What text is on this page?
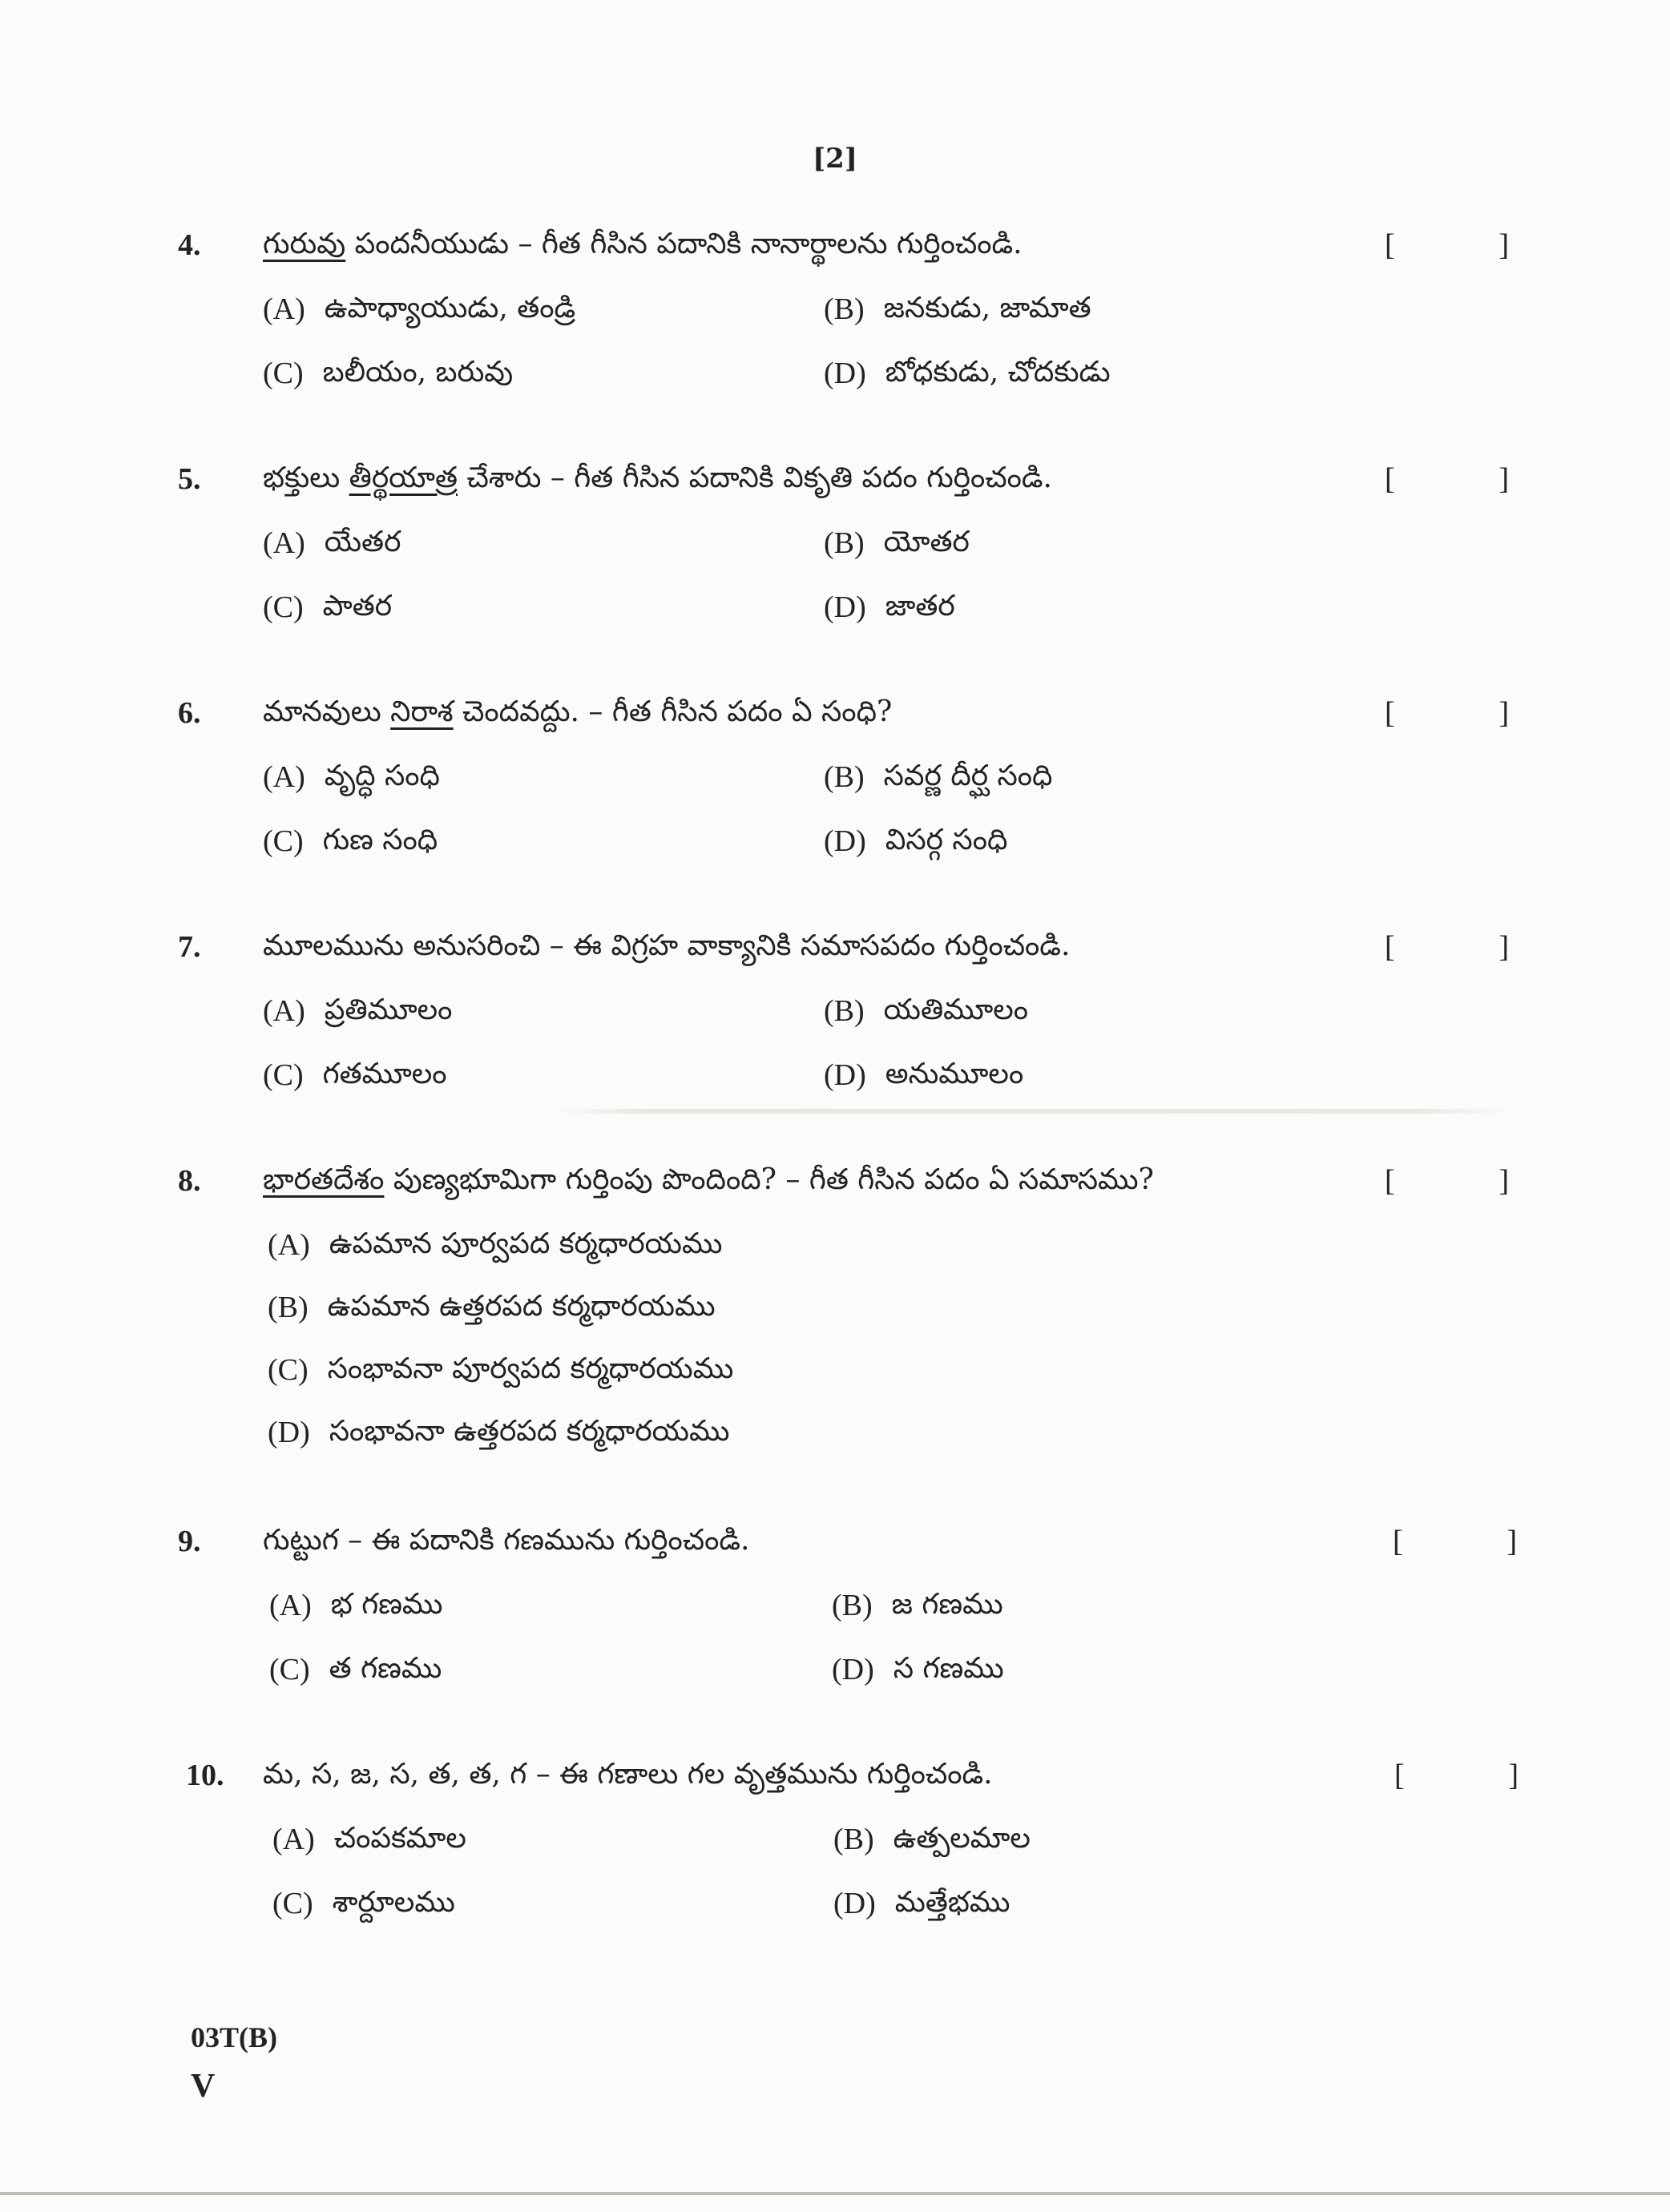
[2]
4. గురువు పందనీయుడు – గీత గీసిన పదానికి నానార్థాలను గుర్తించండి.	[	]
(A) ఉపాధ్యాయుడు, తండ్రి	(B) జనకుడు, జామాత
(C) బలీయం, బరువు	(D) బోధకుడు, చోదకుడు
5. భక్తులు తీర్థయాత్ర చేశారు – గీత గీసిన పదానికి వికృతి పదం గుర్తించండి.	[	]
(A) యేతర	(B) యోతర
(C) పాతర	(D) జాతర
6. మానవులు నిరాశ చెందవద్దు. – గీత గీసిన పదం ఏ సంధి?	[	]
(A) వృద్ధి సంధి	(B) సవర్ణ దీర్ఘ సంధి
(C) గుణ సంధి	(D) విసర్గ సంధి
7. మూలమును అనుసరించి – ఈ విగ్రహ వాక్యానికి సమాసపదం గుర్తించండి.	[	]
(A) ప్రతిమూలం	(B) యతిమూలం
(C) గతమూలం	(D) అనుమూలం
8. భారతదేశం పుణ్యభూమిగా గుర్తింపు పొందింది? – గీత గీసిన పదం ఏ సమాసము?	[	]
(A) ఉపమాన పూర్వపద కర్మధారయము
(B) ఉపమాన ఉత్తరపద కర్మధారయము
(C) సంభావనా పూర్వపద కర్మధారయము
(D) సంభావనా ఉత్తరపద కర్మధారయము
9. గుట్టుగ – ఈ పదానికి గణమును గుర్తించండి.	[	]
(A) భ గణము	(B) జ గణము
(C) త గణము	(D) స గణము
10. మ, స, జ, స, త, త, గ – ఈ గణాలు గల వృత్తమును గుర్తించండి.	[	]
(A) చంపకమాల	(B) ఉత్పలమాల
(C) శార్దూలము	(D) మత్తేభము
03T(B)
V
